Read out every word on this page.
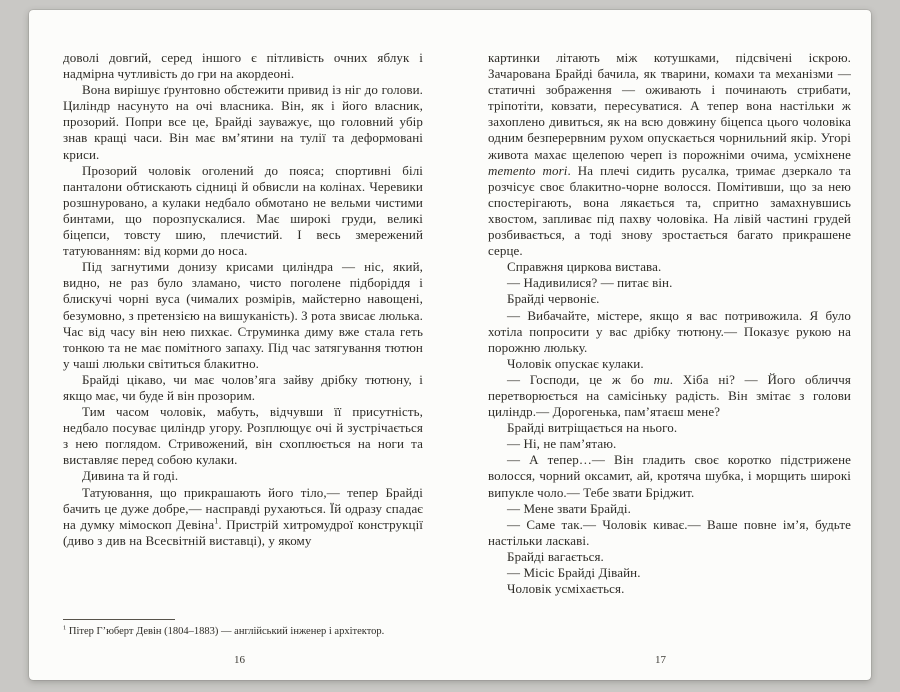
доволі довгий, серед іншого є пітливість очних яблук і надмірна чутливість до гри на акордеоні.

Вона вирішує ґрунтовно обстежити привид із ніг до голови. Циліндр насунуто на очі власника. Він, як і його власник, прозорий. Попри все це, Брайді зауважує, що головний убір знав кращі часи. Він має вм’ятини на тулії та деформовані криси.

Прозорий чоловік оголений до пояса; спортивні білі панталони обтискають сідниці й обвисли на колінах. Черевики розшнуровано, а кулаки недбало обмотано не вельми чистими бинтами, що порозпускалися. Має широкі груди, великі біцепси, товсту шию, плечистий. І весь змережений татуюванням: від корми до носа.

Під загнутими донизу крисами циліндра — ніс, який, видно, не раз було зламано, чисто поголене підборіддя і блискучі чорні вуса (чималих розмірів, майстерно навощені, безумовно, з претензією на вишуканість). З рота звисає люлька. Час від часу він нею пихкає. Струминка диму вже стала геть тонкою та не має помітного запаху. Під час затягування тютюн у чаші люльки світиться блакитно.

Брайді цікаво, чи має чолов’яга зайву дрібку тютюну, і якщо має, чи буде й він прозорим.

Тим часом чоловік, мабуть, відчувши її присутність, недбало посуває циліндр угору. Розплющує очі й зустрічається з нею поглядом. Стривожений, він схоплюється на ноги та виставляє перед собою кулаки.

Дивина та й годі.

Татуювання, що прикрашають його тіло,— тепер Брайді бачить це дуже добре,— насправді рухаються. Їй одразу спадає на думку мімоскоп Девіна$^1$. Пристрій хитромудрої конструкції (диво з див на Всесвітній виставці), у якому

$^1$ Пітер Г’юберт Девін (1804–1883) — англійський інженер і архітектор.

16

картинки літають між котушками, підсвічені іскрою. Зачарована Брайді бачила, як тварини, комахи та механізми — статичні зображення — оживають і починають стрибати, тріпотіти, ковзати, пересуватися. А тепер вона настільки ж захоплено дивиться, як на всю довжину біцепса цього чоловіка одним безперервним рухом опускається чорнильний якір. Угорі живота махає щелепою череп із порожніми очима, усміхнене memento mori. На плечі сидить русалка, тримає дзеркало та розчісує своє блакитно-чорне волосся. Помітивши, що за нею спостерігають, вона лякається та, спритно замахнувшись хвостом, запливає під пахву чоловіка. На лівій частині грудей розбивається, а тоді знову зростається багато прикрашене серце.

Справжня циркова вистава.

— Надивилися? — питає він.

Брайді червоніє.

— Вибачайте, містере, якщо я вас потривожила. Я було хотіла попросити у вас дрібку тютюну.— Показує рукою на порожню люльку.

Чоловік опускає кулаки.

— Господи, це ж бо ти. Хіба ні? — Його обличчя перетворюється на самісіньку радість. Він змітає з голови циліндр.— Дорогенька, пам’ятаєш мене?

Брайді витріщається на нього.

— Ні, не пам’ятаю.

— А тепер…— Він гладить своє коротко підстрижене волосся, чорний оксамит, ай, кротяча шубка, і морщить широкі випукле чоло.— Тебе звати Бріджит.

— Мене звати Брайді.

— Саме так.— Чоловік киває.— Ваше повне ім’я, будьте настільки ласкаві.

Брайді вагається.

— Місіс Брайді Дівайн.

Чоловік усміхається.

17
